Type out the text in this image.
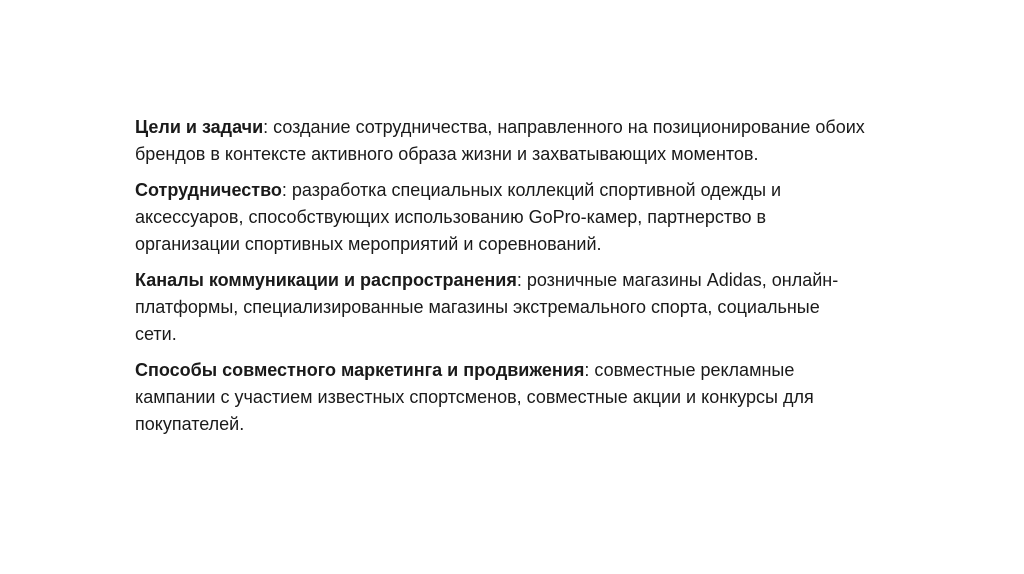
Цели и задачи: создание сотрудничества, направленного на позиционирование обоих брендов в контексте активного образа жизни и захватывающих моментов.

Сотрудничество: разработка специальных коллекций спортивной одежды и аксессуаров, способствующих использованию GoPro-камер, партнерство в организации спортивных мероприятий и соревнований.

Каналы коммуникации и распространения: розничные магазины Adidas, онлайн-платформы, специализированные магазины экстремального спорта, социальные сети.

Способы совместного маркетинга и продвижения: совместные рекламные кампании с участием известных спортсменов, совместные акции и конкурсы для покупателей.
